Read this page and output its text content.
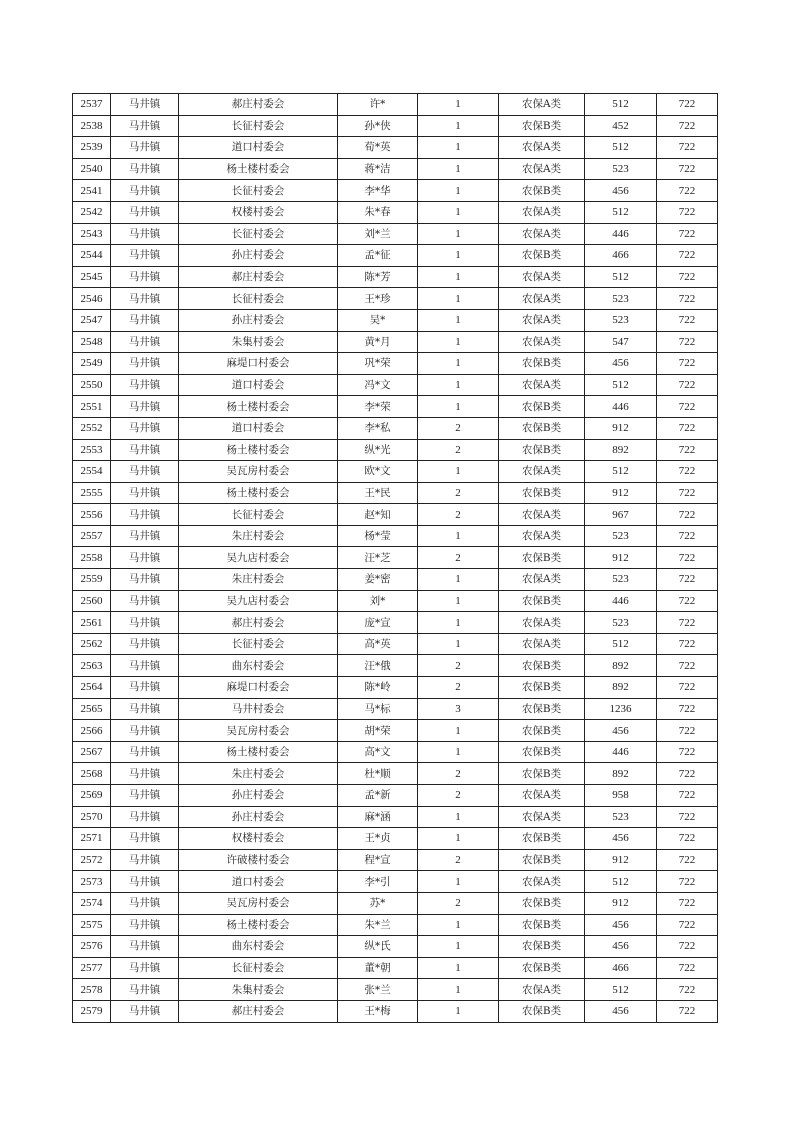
2537	马井镇	郝庄村委会	许*	1	农保A类	512	722
2538	马井镇	长征村委会	孙*侠	1	农保B类	452	722
2539	马井镇	道口村委会	荀*英	1	农保A类	512	722
2540	马井镇	杨土楼村委会	蒋*洁	1	农保A类	523	722
2541	马井镇	长征村委会	李*华	1	农保B类	456	722
2542	马井镇	权楼村委会	朱*春	1	农保A类	512	722
2543	马井镇	长征村委会	刘*兰	1	农保A类	446	722
2544	马井镇	孙庄村委会	孟*征	1	农保B类	466	722
2545	马井镇	郝庄村委会	陈*芳	1	农保A类	512	722
2546	马井镇	长征村委会	王*珍	1	农保A类	523	722
2547	马井镇	孙庄村委会	吴*	1	农保A类	523	722
2548	马井镇	朱集村委会	黄*月	1	农保A类	547	722
2549	马井镇	麻堤口村委会	巩*荣	1	农保B类	456	722
2550	马井镇	道口村委会	冯*文	1	农保A类	512	722
2551	马井镇	杨土楼村委会	李*荣	1	农保B类	446	722
2552	马井镇	道口村委会	李*私	2	农保B类	912	722
2553	马井镇	杨土楼村委会	纵*光	2	农保B类	892	722
2554	马井镇	吴瓦房村委会	欧*文	1	农保A类	512	722
2555	马井镇	杨土楼村委会	王*民	2	农保B类	912	722
2556	马井镇	长征村委会	赵*知	2	农保A类	967	722
2557	马井镇	朱庄村委会	杨*莹	1	农保A类	523	722
2558	马井镇	吴九店村委会	汪*芝	2	农保B类	912	722
2559	马井镇	朱庄村委会	姜*密	1	农保A类	523	722
2560	马井镇	吴九店村委会	刘*	1	农保B类	446	722
2561	马井镇	郝庄村委会	庞*宣	1	农保A类	523	722
2562	马井镇	长征村委会	高*英	1	农保A类	512	722
2563	马井镇	曲东村委会	汪*俄	2	农保B类	892	722
2564	马井镇	麻堤口村委会	陈*岭	2	农保B类	892	722
2565	马井镇	马井村委会	马*标	3	农保B类	1236	722
2566	马井镇	吴瓦房村委会	胡*荣	1	农保B类	456	722
2567	马井镇	杨土楼村委会	高*文	1	农保B类	446	722
2568	马井镇	朱庄村委会	杜*顺	2	农保B类	892	722
2569	马井镇	孙庄村委会	孟*新	2	农保A类	958	722
2570	马井镇	孙庄村委会	麻*涵	1	农保A类	523	722
2571	马井镇	权楼村委会	王*贞	1	农保B类	456	722
2572	马井镇	许破楼村委会	程*宣	2	农保B类	912	722
2573	马井镇	道口村委会	李*引	1	农保A类	512	722
2574	马井镇	吴瓦房村委会	苏*	2	农保B类	912	722
2575	马井镇	杨土楼村委会	朱*兰	1	农保B类	456	722
2576	马井镇	曲东村委会	纵*氏	1	农保B类	456	722
2577	马井镇	长征村委会	董*朝	1	农保B类	466	722
2578	马井镇	朱集村委会	张*兰	1	农保A类	512	722
2579	马井镇	郝庄村委会	王*梅	1	农保B类	456	722
